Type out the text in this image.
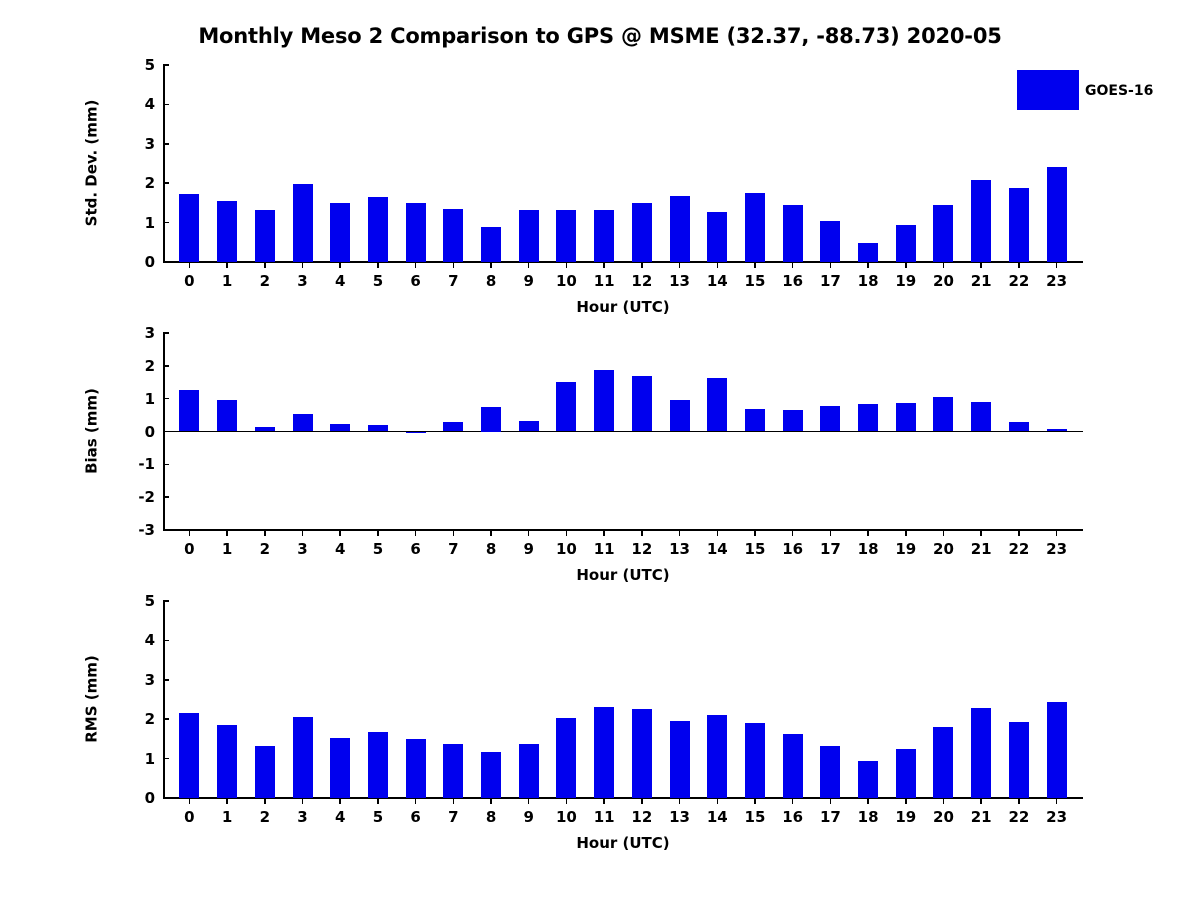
Monthly Meso 2 Comparison to GPS @ MSME (32.37, -88.73) 2020-05
0
1
2
3
4
5
0 1 2 3 4 5 6 7 8 9 10 11 12 13 14 15 16 17 18 19 20 21 22 23
Hour (UTC)
Std. Dev. (mm)
-3
-2
-1
0
1
2
3
0 1 2 3 4 5 6 7 8 9 10 11 12 13 14 15 16 17 18 19 20 21 22 23
Hour (UTC)
Bias (mm)
0
1
2
3
4
5
0 1 2 3 4 5 6 7 8 9 10 11 12 13 14 15 16 17 18 19 20 21 22 23
Hour (UTC)
RMS (mm)
GOES-16
